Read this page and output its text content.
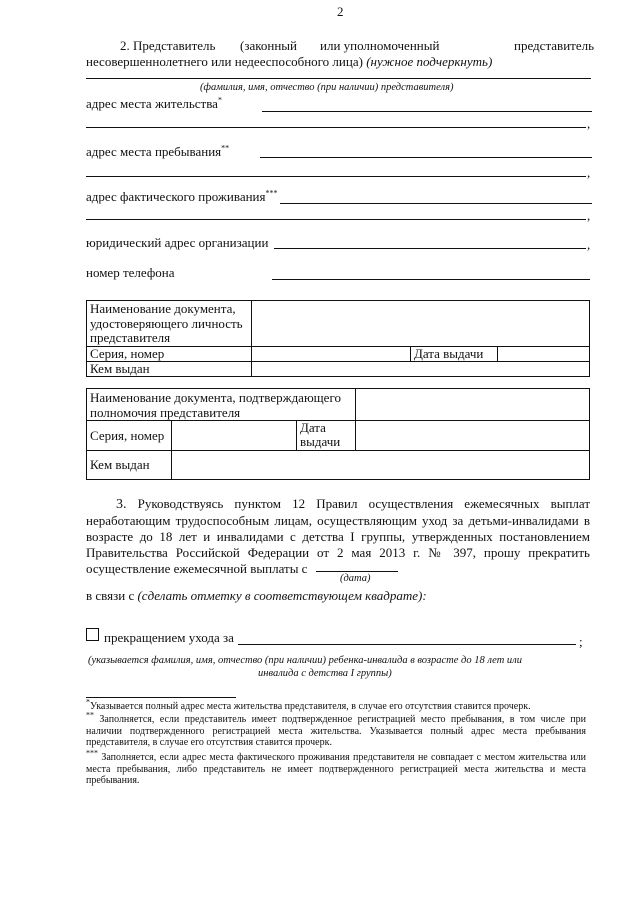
2
2. Представитель (законный или уполномоченный	представитель
несовершеннолетнего или недееспособного лица) (нужное подчеркнуть)
(фамилия, имя, отчество (при наличии) представителя)
адрес места жительства*
,
адрес места пребывания**
,
адрес фактического проживания***
,
юридический адрес организации	,
номер телефона
Наименование документа, удостоверяющего личность представителя			
Серия, номер		Дата выдачи	
Кем выдан			
Наименование документа, подтверждающего полномочия представителя			
Серия, номер		Дата
выдачи	
Кем выдан			
3. Руководствуясь пунктом 12 Правил осуществления ежемесячных выплат неработающим трудоспособным лицам, осуществляющим уход за детьми-инвалидами в возрасте до 18 лет и инвалидами с детства I группы, утвержденных постановлением Правительства Российской Федерации от 2 мая 2013 г. № 397, прошу прекратить осуществление ежемесячной выплаты с
(дата)
в связи с (сделать отметку в соответствующем квадрате):
прекращением ухода за	;
(указывается фамилия, имя, отчество (при наличии) ребенка-инвалида в возрасте до 18 лет или
инвалида с детства I группы)
*Указывается полный адрес места жительства представителя, в случае его отсутствия ставится прочерк.
** Заполняется, если представитель имеет подтвержденное регистрацией место пребывания, в том числе при наличии подтвержденного регистрацией места жительства. Указывается полный адрес места пребывания представителя, в случае его отсутствия ставится прочерк.
*** Заполняется, если адрес места фактического проживания представителя не совпадает с местом жительства или места пребывания, либо представитель не имеет подтвержденного регистрацией места жительства и места пребывания.
